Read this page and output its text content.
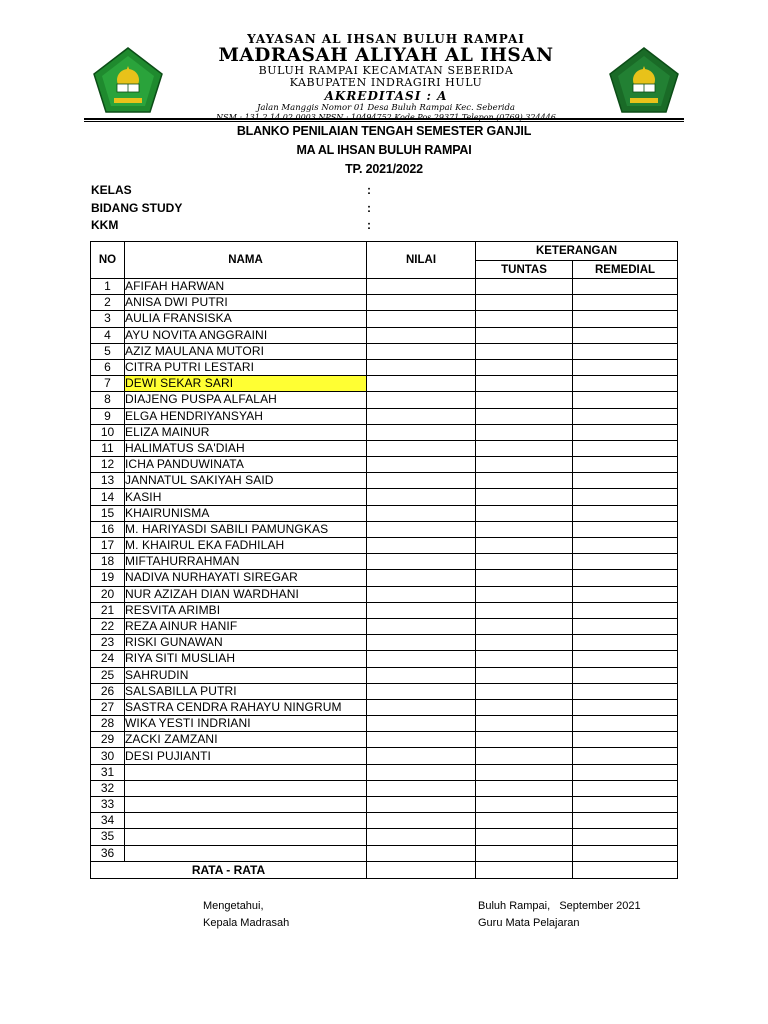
YAYASAN AL IHSAN BULUH RAMPAI
MADRASAH ALIYAH AL IHSAN
BULUH RAMPAI KECAMATAN SEBERIDA
KABUPATEN INDRAGIRI HULU
AKREDITASI : A
Jalan Manggis Nomor 01 Desa Buluh Rampai Kec. Seberida
NSM : 131.2.14.02.0003 NPSN : 10494752 Kode Pos 29371 Telepon (0769) 324446
BLANKO PENILAIAN TENGAH SEMESTER GANJIL
MA AL IHSAN BULUH RAMPAI
TP. 2021/2022
KELAS	:
BIDANG STUDY	:
KKM	:
NO	NAMA	NILAI	KETERANGAN	
			TUNTAS	REMEDIAL
1	AFIFAH HARWAN			
2	ANISA DWI PUTRI			
3	AULIA FRANSISKA			
4	AYU NOVITA ANGGRAINI			
5	AZIZ MAULANA MUTORI			
6	CITRA PUTRI LESTARI			
7	DEWI SEKAR SARI			
8	DIAJENG PUSPA ALFALAH			
9	ELGA HENDRIYANSYAH			
10	ELIZA MAINUR			
11	HALIMATUS SA'DIAH			
12	ICHA PANDUWINATA			
13	JANNATUL SAKIYAH SAID			
14	KASIH			
15	KHAIRUNISMA			
16	M. HARIYASDI SABILI PAMUNGKAS			
17	M. KHAIRUL EKA FADHILAH			
18	MIFTAHURRAHMAN			
19	NADIVA NURHAYATI SIREGAR			
20	NUR AZIZAH DIAN WARDHANI			
21	RESVITA ARIMBI			
22	REZA AINUR HANIF			
23	RISKI GUNAWAN			
24	RIYA SITI MUSLIAH			
25	SAHRUDIN			
26	SALSABILLA PUTRI			
27	SASTRA CENDRA RAHAYU NINGRUM			
28	WIKA YESTI INDRIANI			
29	ZACKI ZAMZANI			
30	DESI PUJIANTI			
31				
32				
33				
34				
35				
36				
RATA - RATA				
Mengetahui,
Kepala Madrasah
Buluh Rampai,   September 2021
Guru Mata Pelajaran
